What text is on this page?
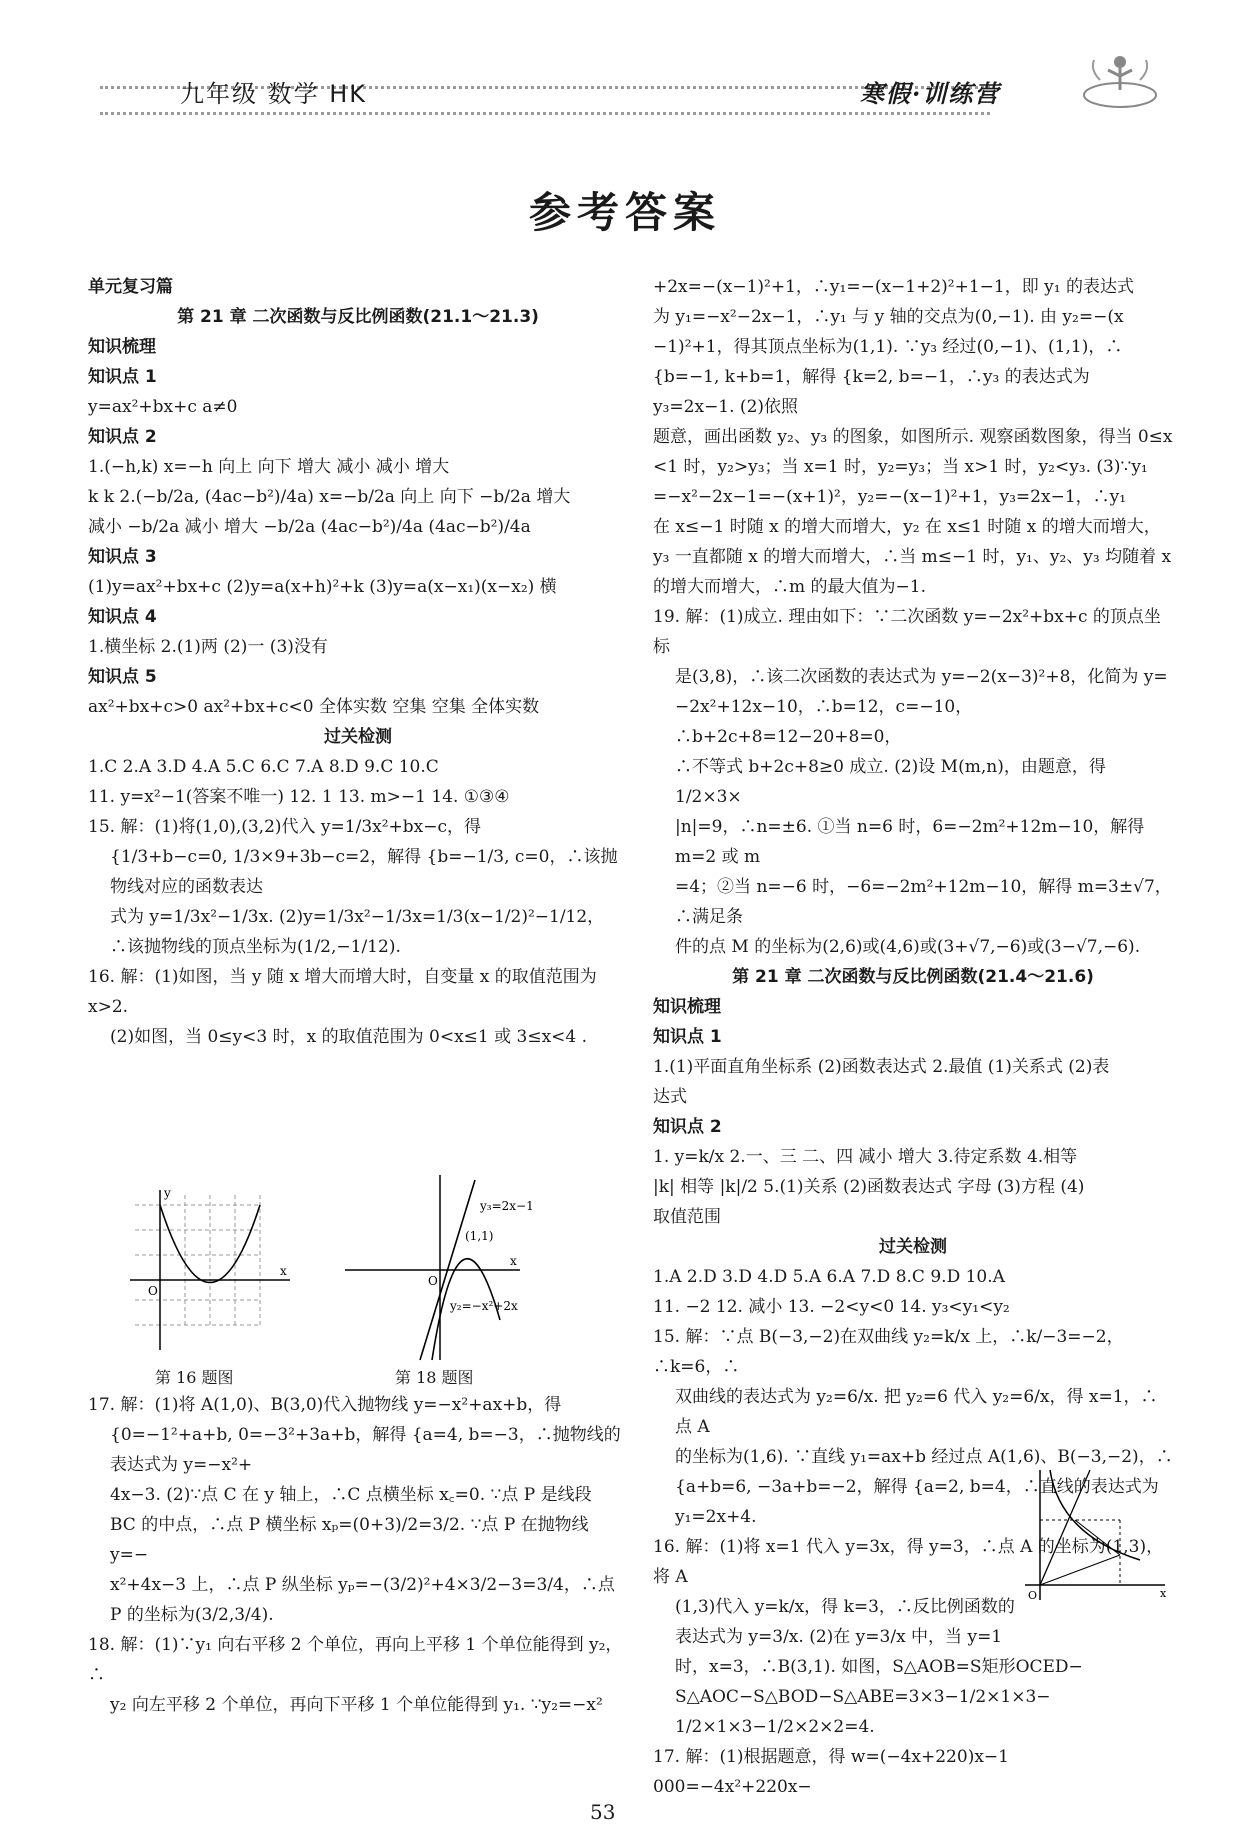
九年级 数学 HK	寒假·训练营
参考答案

单元复习篇

第 21 章 二次函数与反比例函数(21.1～21.3)

知识梳理

知识点 1

y=ax²+bx+c a≠0

知识点 2

1.(−h,k) x=−h 向上 向下 增大 减小 减小 增大

k k 2.(−b/2a, (4ac−b²)/4a) x=−b/2a 向上 向下 −b/2a 增大

减小 −b/2a 减小 增大 −b/2a (4ac−b²)/4a (4ac−b²)/4a

知识点 3

(1)y=ax²+bx+c (2)y=a(x+h)²+k (3)y=a(x−x₁)(x−x₂) 横

知识点 4

1.横坐标 2.(1)两 (2)一 (3)没有

知识点 5

ax²+bx+c>0 ax²+bx+c<0 全体实数 空集 空集 全体实数

过关检测

1.C 2.A 3.D 4.A 5.C 6.C 7.A 8.D 9.C 10.C

11. y=x²−1(答案不唯一) 12. 1 13. m>−1 14. ①③④

15. 解：(1)将(1,0),(3,2)代入 y=1/3x²+bx−c，得

{1/3+b−c=0, 1/3×9+3b−c=2，解得 {b=−1/3, c=0，∴该抛物线对应的函数表达

式为 y=1/3x²−1/3x. (2)y=1/3x²−1/3x=1/3(x−1/2)²−1/12，

∴该抛物线的顶点坐标为(1/2,−1/12).

16. 解：(1)如图，当 y 随 x 增大而增大时，自变量 x 的取值范围为 x>2.

(2)如图，当 0≤y<3 时，x 的取值范围为 0<x≤1 或 3≤x<4 .

17. 解：(1)将 A(1,0)、B(3,0)代入抛物线 y=−x²+ax+b，得

{0=−1²+a+b, 0=−3²+3a+b，解得 {a=4, b=−3，∴抛物线的表达式为 y=−x²+

4x−3. (2)∵点 C 在 y 轴上，∴C 点横坐标 x꜀=0. ∵点 P 是线段

BC 的中点，∴点 P 横坐标 xₚ=(0+3)/2=3/2. ∵点 P 在抛物线 y=−

x²+4x−3 上，∴点 P 纵坐标 yₚ=−(3/2)²+4×3/2−3=3/4，∴点

P 的坐标为(3/2,3/4).

18. 解：(1)∵y₁ 向右平移 2 个单位，再向上平移 1 个单位能得到 y₂，∴

y₂ 向左平移 2 个单位，再向下平移 1 个单位能得到 y₁. ∵y₂=−x²

+2x=−(x−1)²+1，∴y₁=−(x−1+2)²+1−1，即 y₁ 的表达式

为 y₁=−x²−2x−1，∴y₁ 与 y 轴的交点为(0,−1). 由 y₂=−(x

−1)²+1，得其顶点坐标为(1,1). ∵y₃ 经过(0,−1)、(1,1)，∴

{b=−1, k+b=1，解得 {k=2, b=−1，∴y₃ 的表达式为 y₃=2x−1. (2)依照

题意，画出函数 y₂、y₃ 的图象，如图所示. 观察函数图象，得当 0≤x

<1 时，y₂>y₃；当 x=1 时，y₂=y₃；当 x>1 时，y₂<y₃. (3)∵y₁

=−x²−2x−1=−(x+1)²，y₂=−(x−1)²+1，y₃=2x−1，∴y₁

在 x≤−1 时随 x 的增大而增大，y₂ 在 x≤1 时随 x 的增大而增大，

y₃ 一直都随 x 的增大而增大，∴当 m≤−1 时，y₁、y₂、y₃ 均随着 x

的增大而增大，∴m 的最大值为−1.

19. 解：(1)成立. 理由如下：∵二次函数 y=−2x²+bx+c 的顶点坐标

是(3,8)，∴该二次函数的表达式为 y=−2(x−3)²+8，化简为 y=

−2x²+12x−10，∴b=12，c=−10，∴b+2c+8=12−20+8=0，

∴不等式 b+2c+8≥0 成立. (2)设 M(m,n)，由题意，得 1/2×3×

|n|=9，∴n=±6. ①当 n=6 时，6=−2m²+12m−10，解得 m=2 或 m

=4；②当 n=−6 时，−6=−2m²+12m−10，解得 m=3±√7，∴满足条

件的点 M 的坐标为(2,6)或(4,6)或(3+√7,−6)或(3−√7,−6).

第 21 章 二次函数与反比例函数(21.4～21.6)

知识梳理

知识点 1

1.(1)平面直角坐标系 (2)函数表达式 2.最值 (1)关系式 (2)表

达式

知识点 2

1. y=k/x 2.一、三 二、四 减小 增大 3.待定系数 4.相等

|k| 相等 |k|/2 5.(1)关系 (2)函数表达式 字母 (3)方程 (4)

取值范围

过关检测

1.A 2.D 3.D 4.D 5.A 6.A 7.D 8.C 9.D 10.A

11. −2 12. 减小 13. −2<y<0 14. y₃<y₁<y₂

15. 解：∵点 B(−3,−2)在双曲线 y₂=k/x 上，∴k/−3=−2，∴k=6，∴

双曲线的表达式为 y₂=6/x. 把 y₂=6 代入 y₂=6/x，得 x=1，∴点 A

的坐标为(1,6). ∵直线 y₁=ax+b 经过点 A(1,6)、B(−3,−2)，∴

{a+b=6, −3a+b=−2，解得 {a=2, b=4，∴直线的表达式为 y₁=2x+4.

16. 解：(1)将 x=1 代入 y=3x，得 y=3，∴点 A 的坐标为(1,3)，将 A

(1,3)代入 y=k/x，得 k=3，∴反比例函数的

表达式为 y=3/x. (2)在 y=3/x 中，当 y=1

时，x=3，∴B(3,1). 如图，S△AOB=S矩形OCED−

S△AOC−S△BOD−S△ABE=3×3−1/2×1×3−

1/2×1×3−1/2×2×2=4.

17. 解：(1)根据题意，得 w=(−4x+220)x−1 000=−4x²+220x−

x
y
O
第 16 题图
y₃=2x−1
(1,1)
y₂=−x²+2x
x
O
第 18 题图
x
O
53
